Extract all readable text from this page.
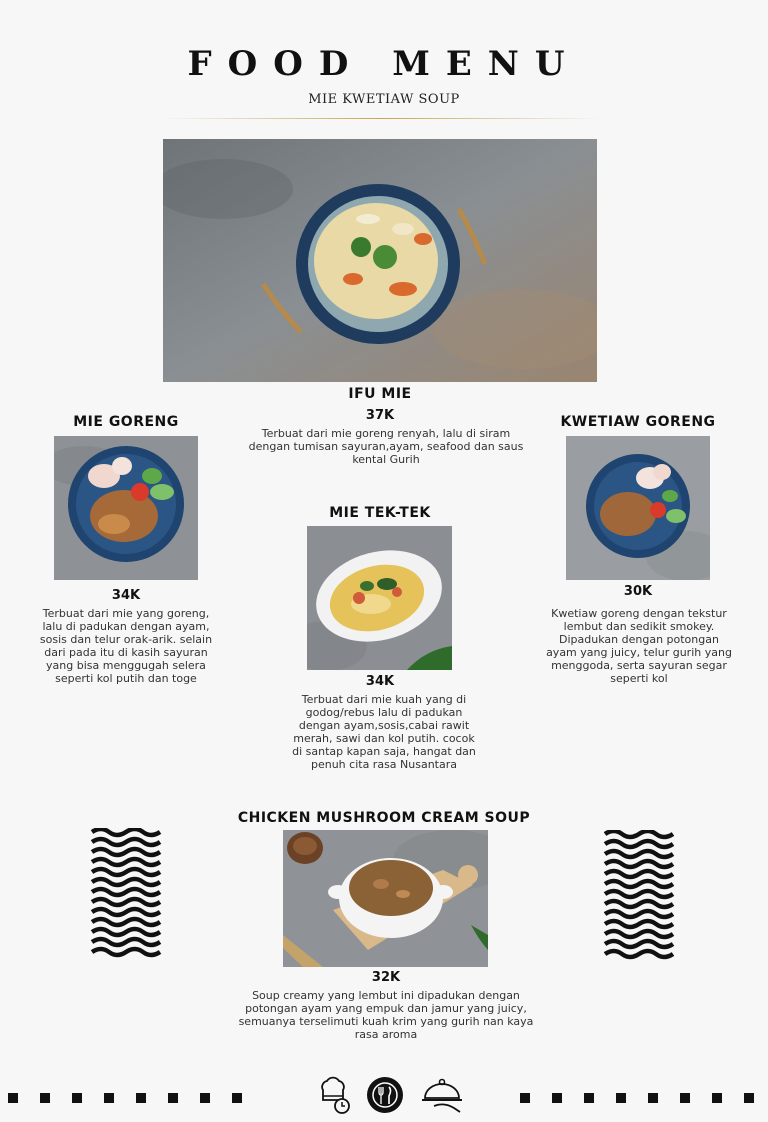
FOOD MENU
MIE KWETIAW SOUP
IFU MIE
37K
Terbuat dari mie goreng renyah, lalu di siram dengan tumisan sayuran,ayam, seafood dan saus kental Gurih
MIE GORENG
34K
Terbuat dari mie yang goreng, lalu di padukan dengan ayam, sosis dan telur orak-arik. selain dari pada itu di kasih sayuran yang bisa menggugah selera seperti kol putih dan toge
KWETIAW GORENG
30K
Kwetiaw goreng dengan tekstur lembut dan sedikit smokey. Dipadukan dengan potongan ayam yang juicy, telur gurih yang menggoda, serta sayuran segar seperti kol
MIE TEK-TEK
34K
Terbuat dari mie kuah yang di godog/rebus lalu di padukan dengan ayam,sosis,cabai rawit merah, sawi dan kol putih. cocok di santap kapan saja, hangat dan penuh cita rasa Nusantara
CHICKEN MUSHROOM CREAM SOUP
32K
Soup creamy yang lembut ini dipadukan dengan potongan ayam yang empuk dan jamur yang juicy, semuanya terselimuti kuah krim yang gurih nan kaya rasa aroma
